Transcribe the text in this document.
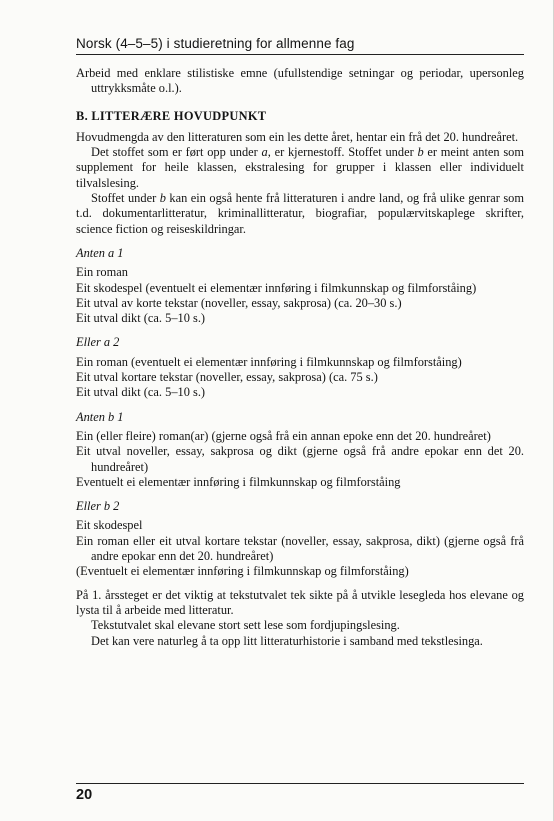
Norsk (4–5–5) i studieretning for allmenne fag

Arbeid med enklare stilistiske emne (ufullstendige setningar og periodar, upersonleg uttrykksmåte o.l.).

B. LITTERÆRE HOVUDPUNKT

Hovudmengda av den litteraturen som ein les dette året, hentar ein frå det 20. hundreåret.

Det stoffet som er ført opp under a, er kjernestoff. Stoffet under b er meint anten som supplement for heile klassen, ekstralesing for grupper i klassen eller individuelt tilvalslesing.

Stoffet under b kan ein også hente frå litteraturen i andre land, og frå ulike genrar som t.d. dokumentarlitteratur, kriminallitteratur, biografiar, populærvitskaplege skrifter, science fiction og reiseskildringar.

Anten a 1

Ein roman

Eit skodespel (eventuelt ei elementær innføring i filmkunnskap og filmforståing)

Eit utval av korte tekstar (noveller, essay, sakprosa) (ca. 20–30 s.)

Eit utval dikt (ca. 5–10 s.)

Eller a 2

Ein roman (eventuelt ei elementær innføring i filmkunnskap og filmforståing)

Eit utval kortare tekstar (noveller, essay, sakprosa) (ca. 75 s.)

Eit utval dikt (ca. 5–10 s.)

Anten b 1

Ein (eller fleire) roman(ar) (gjerne også frå ein annan epoke enn det 20. hundreåret)

Eit utval noveller, essay, sakprosa og dikt (gjerne også frå andre epokar enn det 20. hundreåret)

Eventuelt ei elementær innføring i filmkunnskap og filmforståing

Eller b 2

Eit skodespel

Ein roman eller eit utval kortare tekstar (noveller, essay, sakprosa, dikt) (gjerne også frå andre epokar enn det 20. hundreåret)

(Eventuelt ei elementær innføring i filmkunnskap og filmforståing)

På 1. årssteget er det viktig at tekstutvalet tek sikte på å utvikle lesegleda hos elevane og lysta til å arbeide med litteratur.

Tekstutvalet skal elevane stort sett lese som fordjupingslesing.

Det kan vere naturleg å ta opp litt litteraturhistorie i samband med tekstlesinga.

20
